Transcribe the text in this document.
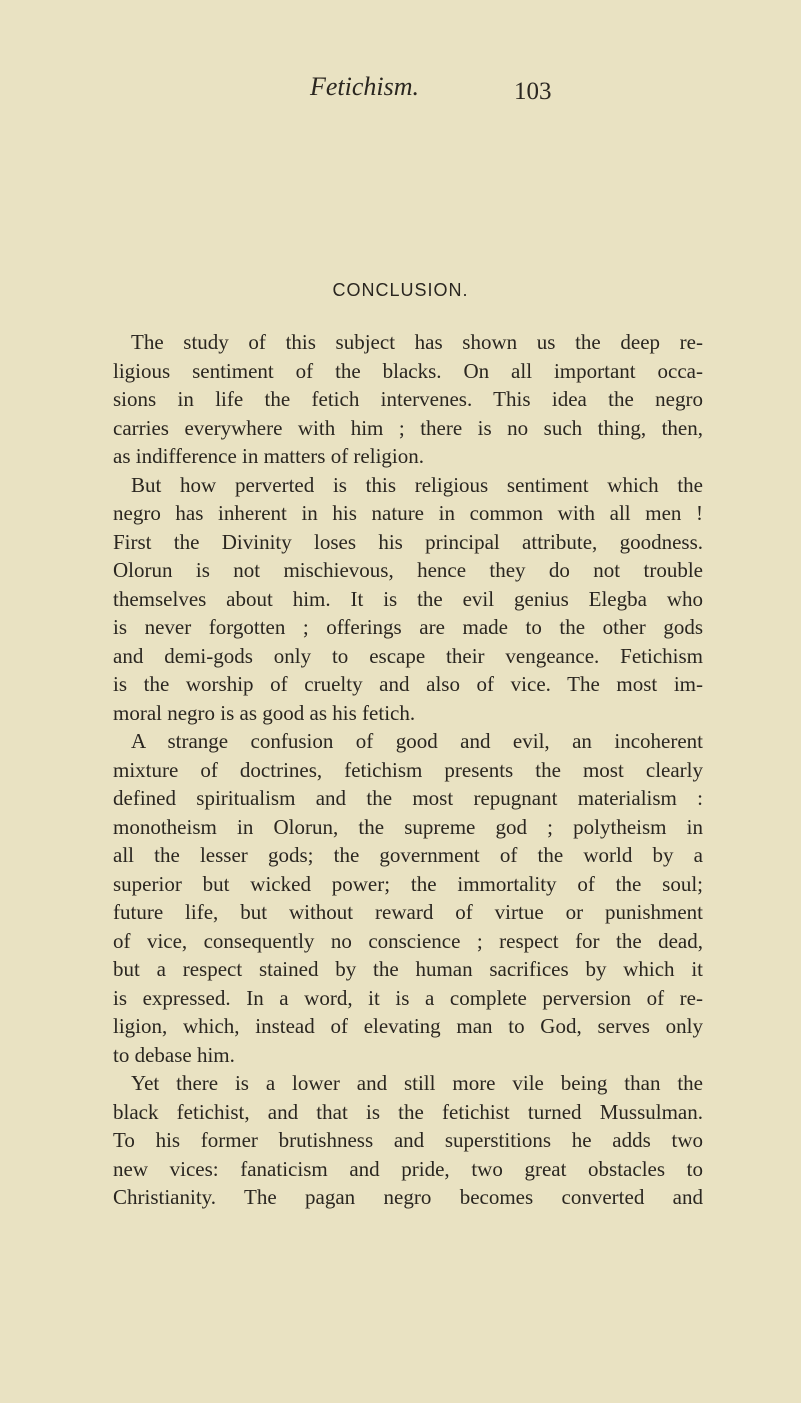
Fetichism.	103
CONCLUSION.
The study of this subject has shown us the deep re-
ligious sentiment of the blacks. On all important occa-
sions in life the fetich intervenes. This idea the negro
carries everywhere with him ; there is no such thing, then,
as indifference in matters of religion.
But how perverted is this religious sentiment which the
negro has inherent in his nature in common with all men !
First the Divinity loses his principal attribute, goodness.
Olorun is not mischievous, hence they do not trouble
themselves about him. It is the evil genius Elegba who
is never forgotten ; offerings are made to the other gods
and demi-gods only to escape their vengeance. Fetichism
is the worship of cruelty and also of vice. The most im-
moral negro is as good as his fetich.
A strange confusion of good and evil, an incoherent
mixture of doctrines, fetichism presents the most clearly
defined spiritualism and the most repugnant materialism :
monotheism in Olorun, the supreme god ; polytheism in
all the lesser gods; the government of the world by a
superior but wicked power; the immortality of the soul;
future life, but without reward of virtue or punishment
of vice, consequently no conscience ; respect for the dead,
but a respect stained by the human sacrifices by which it
is expressed. In a word, it is a complete perversion of re-
ligion, which, instead of elevating man to God, serves only
to debase him.
Yet there is a lower and still more vile being than the
black fetichist, and that is the fetichist turned Mussulman.
To his former brutishness and superstitions he adds two
new vices: fanaticism and pride, two great obstacles to
Christianity. The pagan negro becomes converted and
